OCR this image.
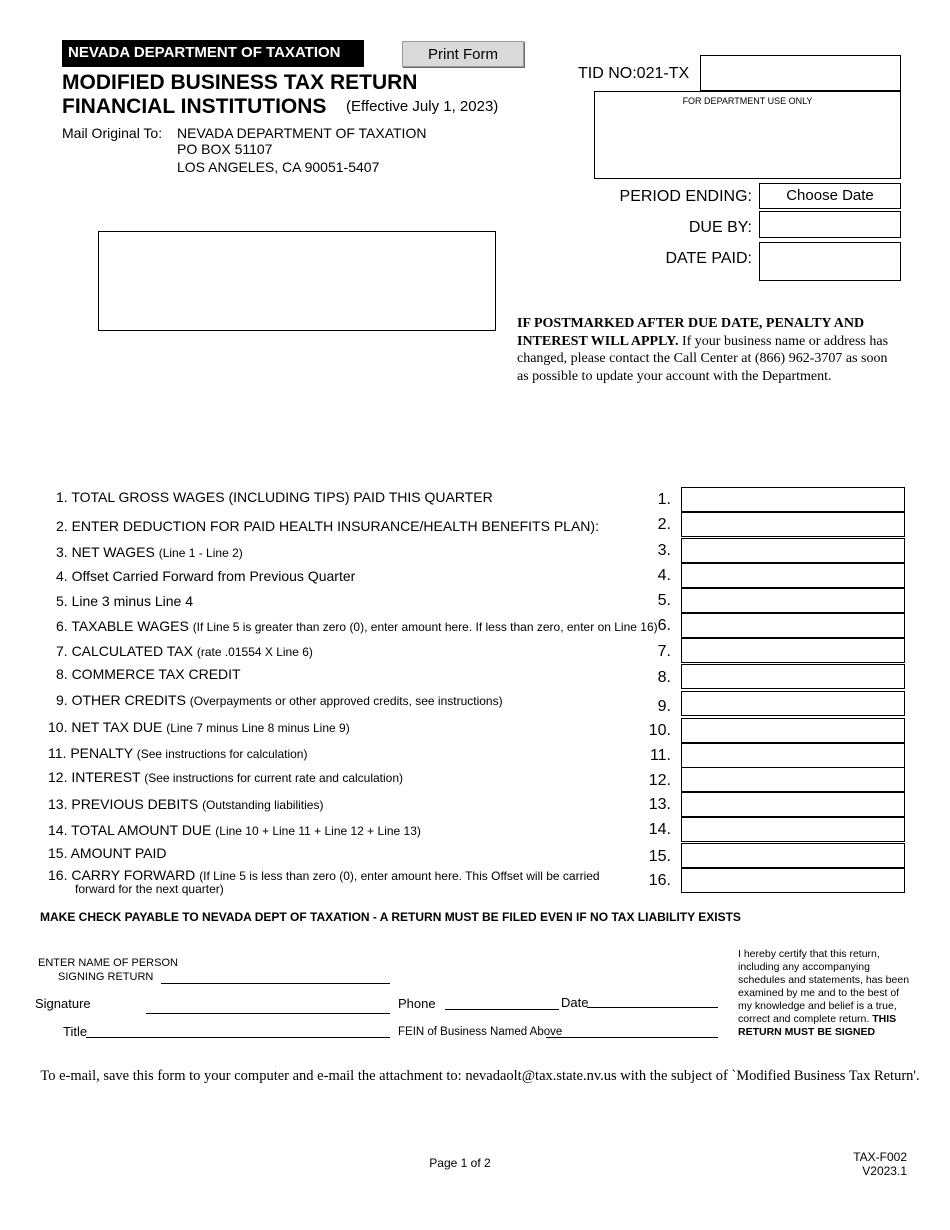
NEVADA DEPARTMENT OF TAXATION	Print Form
MODIFIED BUSINESS TAX RETURN
FINANCIAL INSTITUTIONS (Effective July 1, 2023)
Mail Original To: NEVADA DEPARTMENT OF TAXATION
PO BOX 51107
LOS ANGELES, CA 90051-5407
TID NO:021-TX
FOR DEPARTMENT USE ONLY
PERIOD ENDING:	Choose Date
DUE BY:
DATE PAID:
IF POSTMARKED AFTER DUE DATE, PENALTY AND INTEREST WILL APPLY. If your business name or address has changed, please contact the Call Center at (866) 962-3707 as soon as possible to update your account with the Department.
1. TOTAL GROSS WAGES (INCLUDING TIPS) PAID THIS QUARTER	1.
2. ENTER DEDUCTION FOR PAID HEALTH INSURANCE/HEALTH BENEFITS PLAN):	2.
3. NET WAGES (Line 1 - Line 2)	3.
4. Offset Carried Forward from Previous Quarter	4.
5. Line 3 minus Line 4	5.
6. TAXABLE WAGES (If Line 5 is greater than zero (0), enter amount here. If less than zero, enter on Line 16) 6.
7. CALCULATED TAX (rate .01554 X Line 6)	7.
8. COMMERCE TAX CREDIT	8.
9. OTHER CREDITS (Overpayments or other approved credits, see instructions)	9.
10. NET TAX DUE (Line 7 minus Line 8 minus Line 9)	10.
11. PENALTY (See instructions for calculation)	11.
12. INTEREST (See instructions for current rate and calculation)	12.
13. PREVIOUS DEBITS (Outstanding liabilities)	13.
14. TOTAL AMOUNT DUE (Line 10 + Line 11 + Line 12 + Line 13)	14.
15. AMOUNT PAID	15.
16. CARRY FORWARD (If Line 5 is less than zero (0), enter amount here. This Offset will be carried
forward for the next quarter)	16.
MAKE CHECK PAYABLE TO NEVADA DEPT OF TAXATION - A RETURN MUST BE FILED EVEN IF NO TAX LIABILITY EXISTS
ENTER NAME OF PERSON
SIGNING RETURN
Signature	Phone	Date
Title	FEIN of Business Named Above
I hereby certify that this return, including any accompanying schedules and statements, has been examined by me and to the best of my knowledge and belief is a true, correct and complete return. THIS RETURN MUST BE SIGNED
To e-mail, save this form to your computer and e-mail the attachment to: nevadaolt@tax.state.nv.us with the subject of `Modified Business Tax Return'.
Page 1 of 2	TAX-F002
V2023.1
